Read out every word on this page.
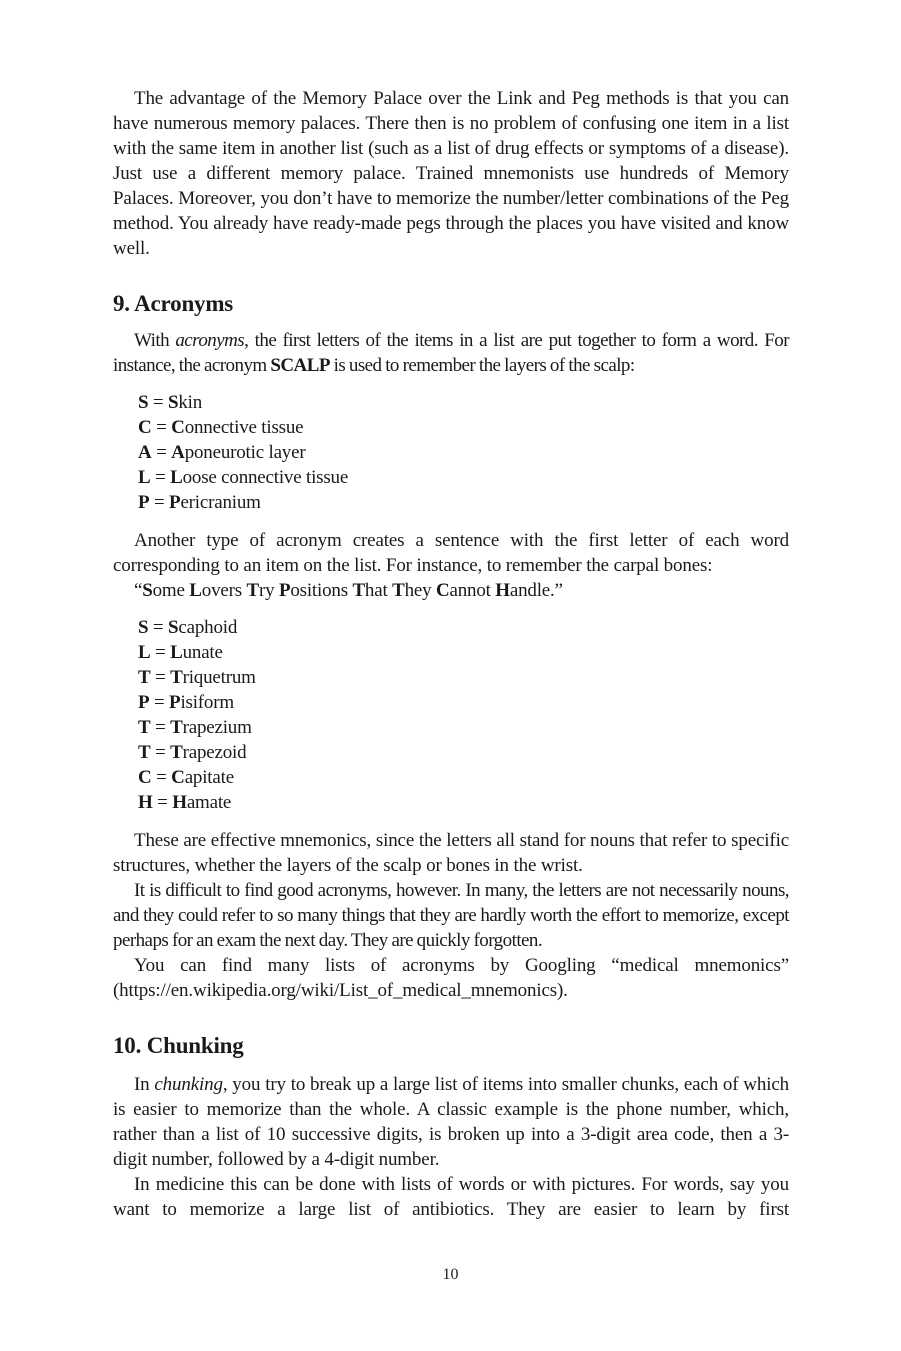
The advantage of the Memory Palace over the Link and Peg methods is that you can have numerous memory palaces. There then is no problem of confusing one item in a list with the same item in another list (such as a list of drug effects or symptoms of a disease). Just use a different memory palace. Trained mnemonists use hundreds of Memory Palaces. Moreover, you don’t have to memorize the number/letter combinations of the Peg method. You already have ready-made pegs through the places you have visited and know well.

9. Acronyms

With acronyms, the first letters of the items in a list are put together to form a word. For instance, the acronym SCALP is used to remember the layers of the scalp:

S = Skin
C = Connective tissue
A = Aponeurotic layer
L = Loose connective tissue
P = Pericranium

Another type of acronym creates a sentence with the first letter of each word corresponding to an item on the list. For instance, to remember the carpal bones:

“Some Lovers Try Positions That They Cannot Handle.”

S = Scaphoid
L = Lunate
T = Triquetrum
P = Pisiform
T = Trapezium
T = Trapezoid
C = Capitate
H = Hamate

These are effective mnemonics, since the letters all stand for nouns that refer to specific structures, whether the layers of the scalp or bones in the wrist.

It is difficult to find good acronyms, however. In many, the letters are not necessarily nouns, and they could refer to so many things that they are hardly worth the effort to memorize, except perhaps for an exam the next day. They are quickly forgotten.

You can find many lists of acronyms by Googling “medical mnemonics” (https://en.wikipedia.org/wiki/List_of_medical_mnemonics).

10. Chunking

In chunking, you try to break up a large list of items into smaller chunks, each of which is easier to memorize than the whole. A classic example is the phone number, which, rather than a list of 10 successive digits, is broken up into a 3-digit area code, then a 3-digit number, followed by a 4-digit number.

In medicine this can be done with lists of words or with pictures. For words, say you want to memorize a large list of antibiotics. They are easier to learn by first

10
